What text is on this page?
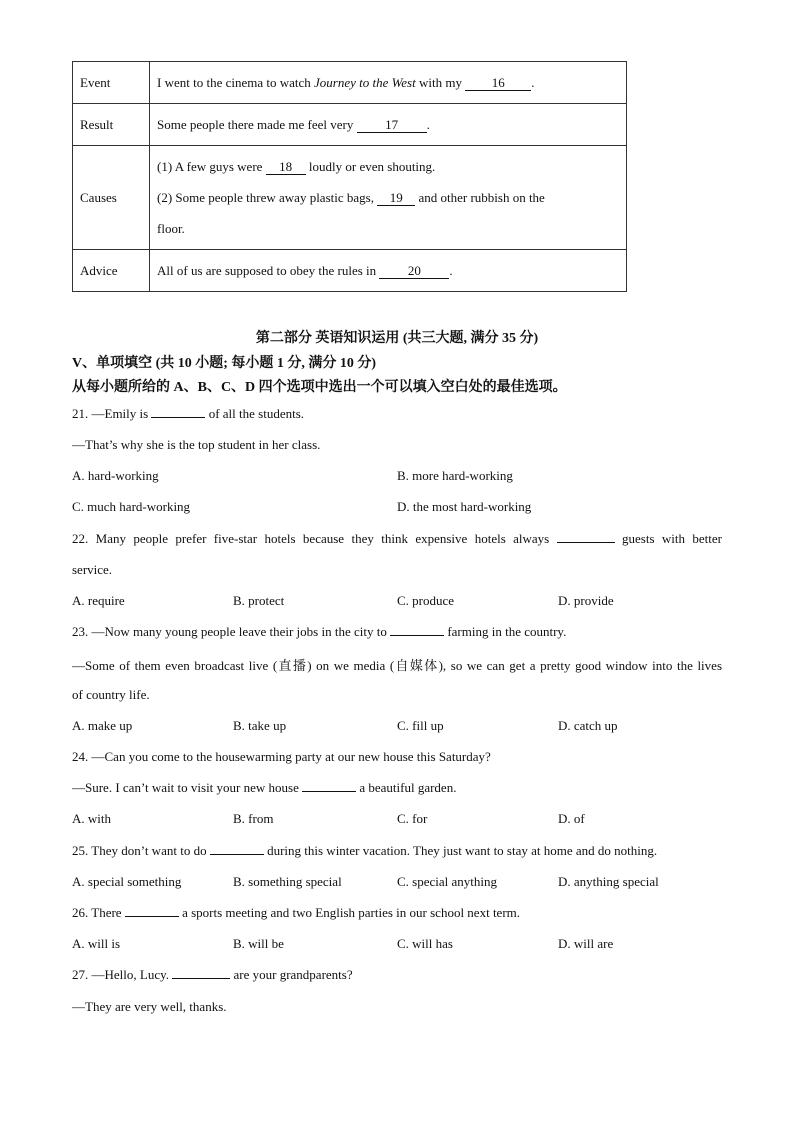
Event	I went to the cinema to watch Journey to the West with my 16 .
Result	Some people there made me feel very 17 .
Causes	(1) A few guys were 18 loudly or even shouting.
(2) Some people threw away plastic bags, 19 and other rubbish on the
floor.

Advice	All of us are supposed to obey the rules in 20 .
第二部分 英语知识运用 (共三大题, 满分 35 分)
V、单项填空 (共 10 小题; 每小题 1 分, 满分 10 分)
从每小题所给的 A、B、C、D 四个选项中选出一个可以填入空白处的最佳选项。
21. —Emily is	of all the students.
—That’s why she is the top student in her class.
A. hard-working	B. more hard-working
C. much hard-working	D. the most hard-working
22. Many people prefer five-star hotels because they think expensive hotels always	guests with better
service.
A. require	B. protect	C. produce	D. provide
23. —Now many young people leave their jobs in the city to	farming in the country.
—Some of them even broadcast live (直播) on we media (自媒体), so we can get a pretty good window into the lives
of country life.
A. make up	B. take up	C. fill up	D. catch up
24. —Can you come to the housewarming party at our new house this Saturday?
—Sure. I can’t wait to visit your new house	a beautiful garden.
A. with	B. from	C. for	D. of
25. They don’t want to do	during this winter vacation. They just want to stay at home and do nothing.
A. special something	B. something special	C. special anything	D. anything special
26. There	a sports meeting and two English parties in our school next term.
A. will is	B. will be	C. will has	D. will are
27. —Hello, Lucy.	are your grandparents?
—They are very well, thanks.
